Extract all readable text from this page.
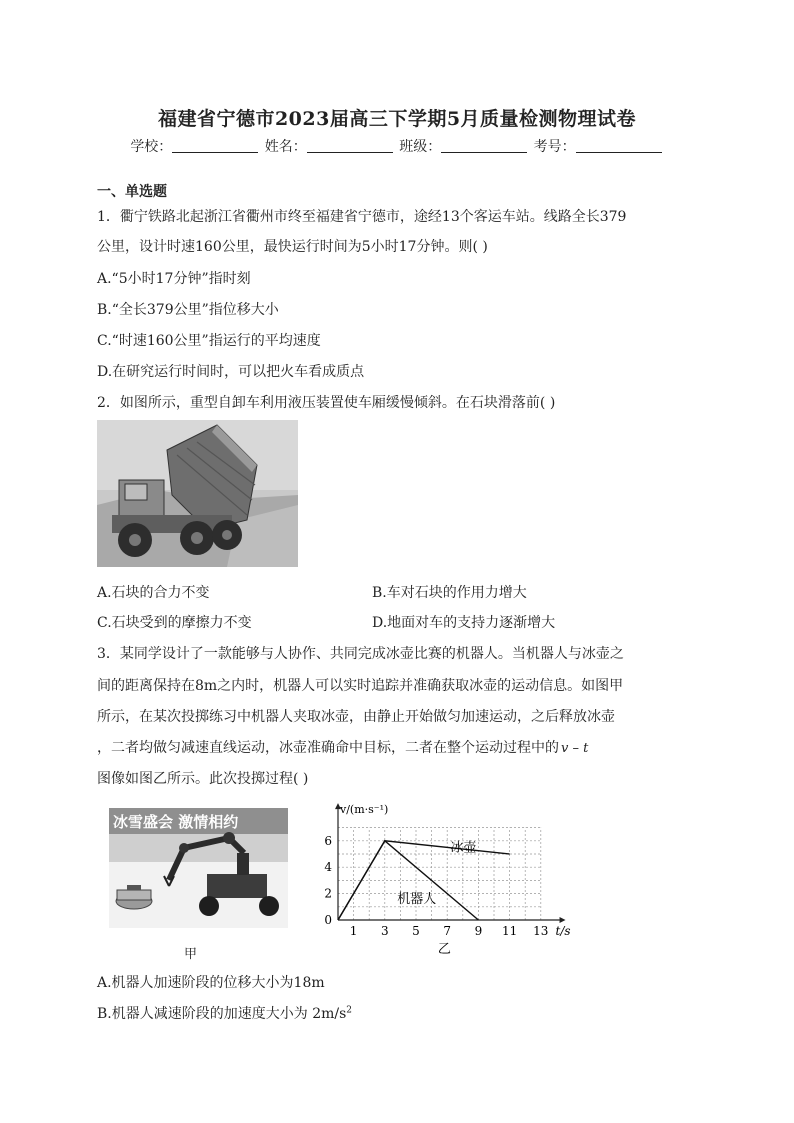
福建省宁德市2023届高三下学期5月质量检测物理试卷
学校：	姓名：	班级：	考号：
一、单选题
1．衢宁铁路北起浙江省衢州市终至福建省宁德市，途经13个客运车站。线路全长379
公里，设计时速160公里，最快运行时间为5小时17分钟。则( )
A.“5小时17分钟”指时刻
B.“全长379公里”指位移大小
C.“时速160公里”指运行的平均速度
D.在研究运行时间时，可以把火车看成质点
2．如图所示，重型自卸车利用液压装置使车厢缓慢倾斜。在石块滑落前( )
A.石块的合力不变	B.车对石块的作用力增大
C.石块受到的摩擦力不变	D.地面对车的支持力逐渐增大
3．某同学设计了一款能够与人协作、共同完成冰壶比赛的机器人。当机器人与冰壶之
间的距离保持在8m之内时，机器人可以实时追踪并准确获取冰壶的运动信息。如图甲
所示，在某次投掷练习中机器人夹取冰壶，由静止开始做匀加速运动，之后释放冰壶
，二者均做匀减速直线运动，冰壶准确命中目标，二者在整个运动过程中的 v – t
图像如图乙所示。此次投掷过程( )
冰雪盛会 激情相约
甲
1 3 5 7 9 11 13
0
2
4
6
v/(m·s⁻¹)
t/s
冰壶
机器人
乙
A.机器人加速阶段的位移大小为18m
B.机器人减速阶段的加速度大小为 $2m/s^2$
